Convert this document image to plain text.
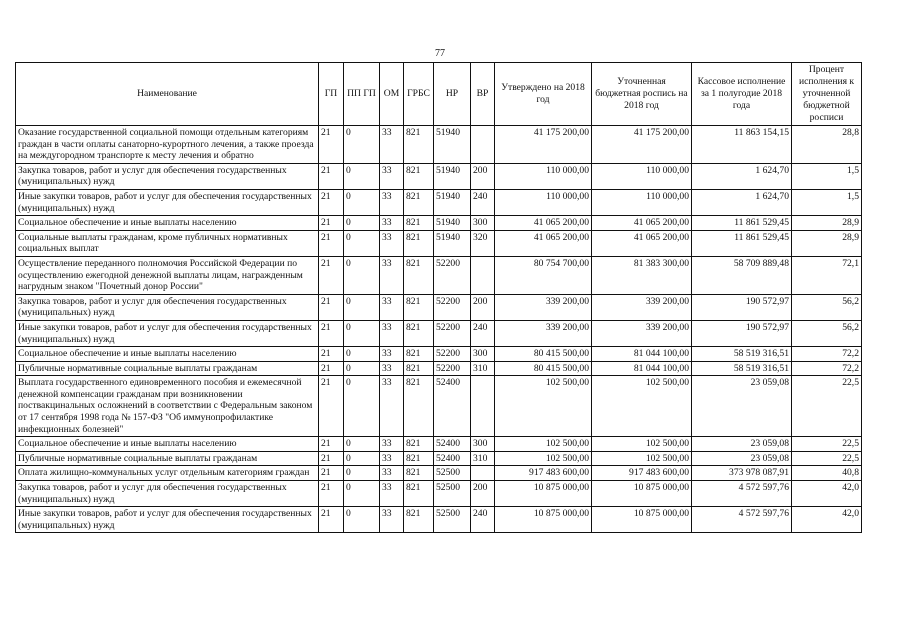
77
Наименование	ГП	ПП ГП	ОМ	ГРБС	НР	ВР	Утверждено на 2018 год	Уточненная бюджетная роспись на 2018 год	Кассовое исполнение за 1 полугодие 2018 года	Процент исполнения к уточненной бюджетной росписи
Оказание государственной социальной помощи отдельным категориям граждан в части оплаты санаторно-курортного лечения, а также проезда на междугородном транспорте к месту лечения и обратно	21	0	33	821	51940		41 175 200,00	41 175 200,00	11 863 154,15	28,8
Закупка товаров, работ и услуг для обеспечения государственных (муниципальных) нужд	21	0	33	821	51940	200	110 000,00	110 000,00	1 624,70	1,5
Иные закупки товаров, работ и услуг для обеспечения государственных (муниципальных) нужд	21	0	33	821	51940	240	110 000,00	110 000,00	1 624,70	1,5
Социальное обеспечение и иные выплаты населению	21	0	33	821	51940	300	41 065 200,00	41 065 200,00	11 861 529,45	28,9
Социальные выплаты гражданам, кроме публичных нормативных социальных выплат	21	0	33	821	51940	320	41 065 200,00	41 065 200,00	11 861 529,45	28,9
Осуществление переданного полномочия Российской Федерации по осуществлению ежегодной денежной выплаты лицам, награжденным нагрудным знаком "Почетный донор России"	21	0	33	821	52200		80 754 700,00	81 383 300,00	58 709 889,48	72,1
Закупка товаров, работ и услуг для обеспечения государственных (муниципальных) нужд	21	0	33	821	52200	200	339 200,00	339 200,00	190 572,97	56,2
Иные закупки товаров, работ и услуг для обеспечения государственных (муниципальных) нужд	21	0	33	821	52200	240	339 200,00	339 200,00	190 572,97	56,2
Социальное обеспечение и иные выплаты населению	21	0	33	821	52200	300	80 415 500,00	81 044 100,00	58 519 316,51	72,2
Публичные нормативные социальные выплаты гражданам	21	0	33	821	52200	310	80 415 500,00	81 044 100,00	58 519 316,51	72,2
Выплата государственного единовременного пособия и ежемесячной денежной компенсации гражданам при возникновении поствакцинальных осложнений в соответствии с Федеральным законом от 17 сентября 1998 года № 157-ФЗ "Об иммунопрофилактике инфекционных болезней"	21	0	33	821	52400		102 500,00	102 500,00	23 059,08	22,5
Социальное обеспечение и иные выплаты населению	21	0	33	821	52400	300	102 500,00	102 500,00	23 059,08	22,5
Публичные нормативные социальные выплаты гражданам	21	0	33	821	52400	310	102 500,00	102 500,00	23 059,08	22,5
Оплата жилищно-коммунальных услуг отдельным категориям граждан	21	0	33	821	52500		917 483 600,00	917 483 600,00	373 978 087,91	40,8
Закупка товаров, работ и услуг для обеспечения государственных (муниципальных) нужд	21	0	33	821	52500	200	10 875 000,00	10 875 000,00	4 572 597,76	42,0
Иные закупки товаров, работ и услуг для обеспечения государственных (муниципальных) нужд	21	0	33	821	52500	240	10 875 000,00	10 875 000,00	4 572 597,76	42,0
